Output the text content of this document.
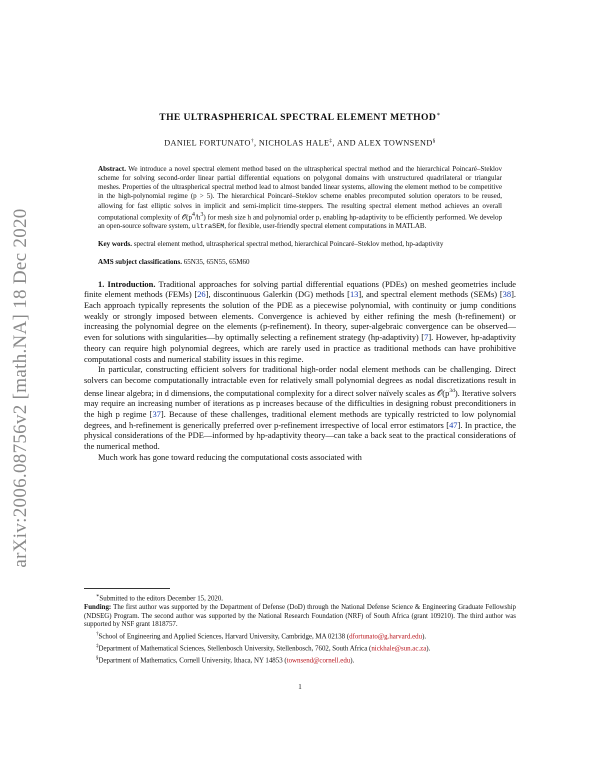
arXiv:2006.08756v2 [math.NA] 18 Dec 2020
THE ULTRASPHERICAL SPECTRAL ELEMENT METHOD∗
DANIEL FORTUNATO†, NICHOLAS HALE‡, AND ALEX TOWNSEND§
Abstract. We introduce a novel spectral element method based on the ultraspherical spectral method and the hierarchical Poincaré–Steklov scheme for solving second-order linear partial differential equations on polygonal domains with unstructured quadrilateral or triangular meshes. Properties of the ultraspherical spectral method lead to almost banded linear systems, allowing the element method to be competitive in the high-polynomial regime (p > 5). The hierarchical Poincaré–Steklov scheme enables precomputed solution operators to be reused, allowing for fast elliptic solves in implicit and semi-implicit time-steppers. The resulting spectral element method achieves an overall computational complexity of $𝒪(p^4/h^3)$ for mesh size h and polynomial order p, enabling hp-adaptivity to be efficiently performed. We develop an open-source software system, ultraSEM, for flexible, user-friendly spectral element computations in MATLAB.
Key words. spectral element method, ultraspherical spectral method, hierarchical Poincaré–Steklov method, hp-adaptivity
AMS subject classifications. 65N35, 65N55, 65M60

1. Introduction. Traditional approaches for solving partial differential equations (PDEs) on meshed geometries include finite element methods (FEMs) [26], discontinuous Galerkin (DG) methods [13], and spectral element methods (SEMs) [38]. Each approach typically represents the solution of the PDE as a piecewise polynomial, with continuity or jump conditions weakly or strongly imposed between elements. Convergence is achieved by either refining the mesh (h-refinement) or increasing the polynomial degree on the elements (p-refinement). In theory, super-algebraic convergence can be observed—even for solutions with singularities—by optimally selecting a refinement strategy (hp-adaptivity) [7]. However, hp-adaptivity theory can require high polynomial degrees, which are rarely used in practice as traditional methods can have prohibitive computational costs and numerical stability issues in this regime.

In particular, constructing efficient solvers for traditional high-order nodal element methods can be challenging. Direct solvers can become computationally intractable even for relatively small polynomial degrees as nodal discretizations result in dense linear algebra; in d dimensions, the computational complexity for a direct solver naïvely scales as $𝒪(p^{3d})$. Iterative solvers may require an increasing number of iterations as p increases because of the difficulties in designing robust preconditioners in the high p regime [37]. Because of these challenges, traditional element methods are typically restricted to low polynomial degrees, and h-refinement is generically preferred over p-refinement irrespective of local error estimators [47]. In practice, the physical considerations of the PDE—informed by hp-adaptivity theory—can take a back seat to the practical considerations of the numerical method.

Much work has gone toward reducing the computational costs associated with

∗Submitted to the editors December 15, 2020.
Funding: The first author was supported by the Department of Defense (DoD) through the National Defense Science & Engineering Graduate Fellowship (NDSEG) Program. The second author was supported by the National Research Foundation (NRF) of South Africa (grant 109210). The third author was supported by NSF grant 1818757.
†School of Engineering and Applied Sciences, Harvard University, Cambridge, MA 02138 (dfortunato@g.harvard.edu).
‡Department of Mathematical Sciences, Stellenbosch University, Stellenbosch, 7602, South Africa (nickhale@sun.ac.za).
§Department of Mathematics, Cornell University, Ithaca, NY 14853 (townsend@cornell.edu).
1
